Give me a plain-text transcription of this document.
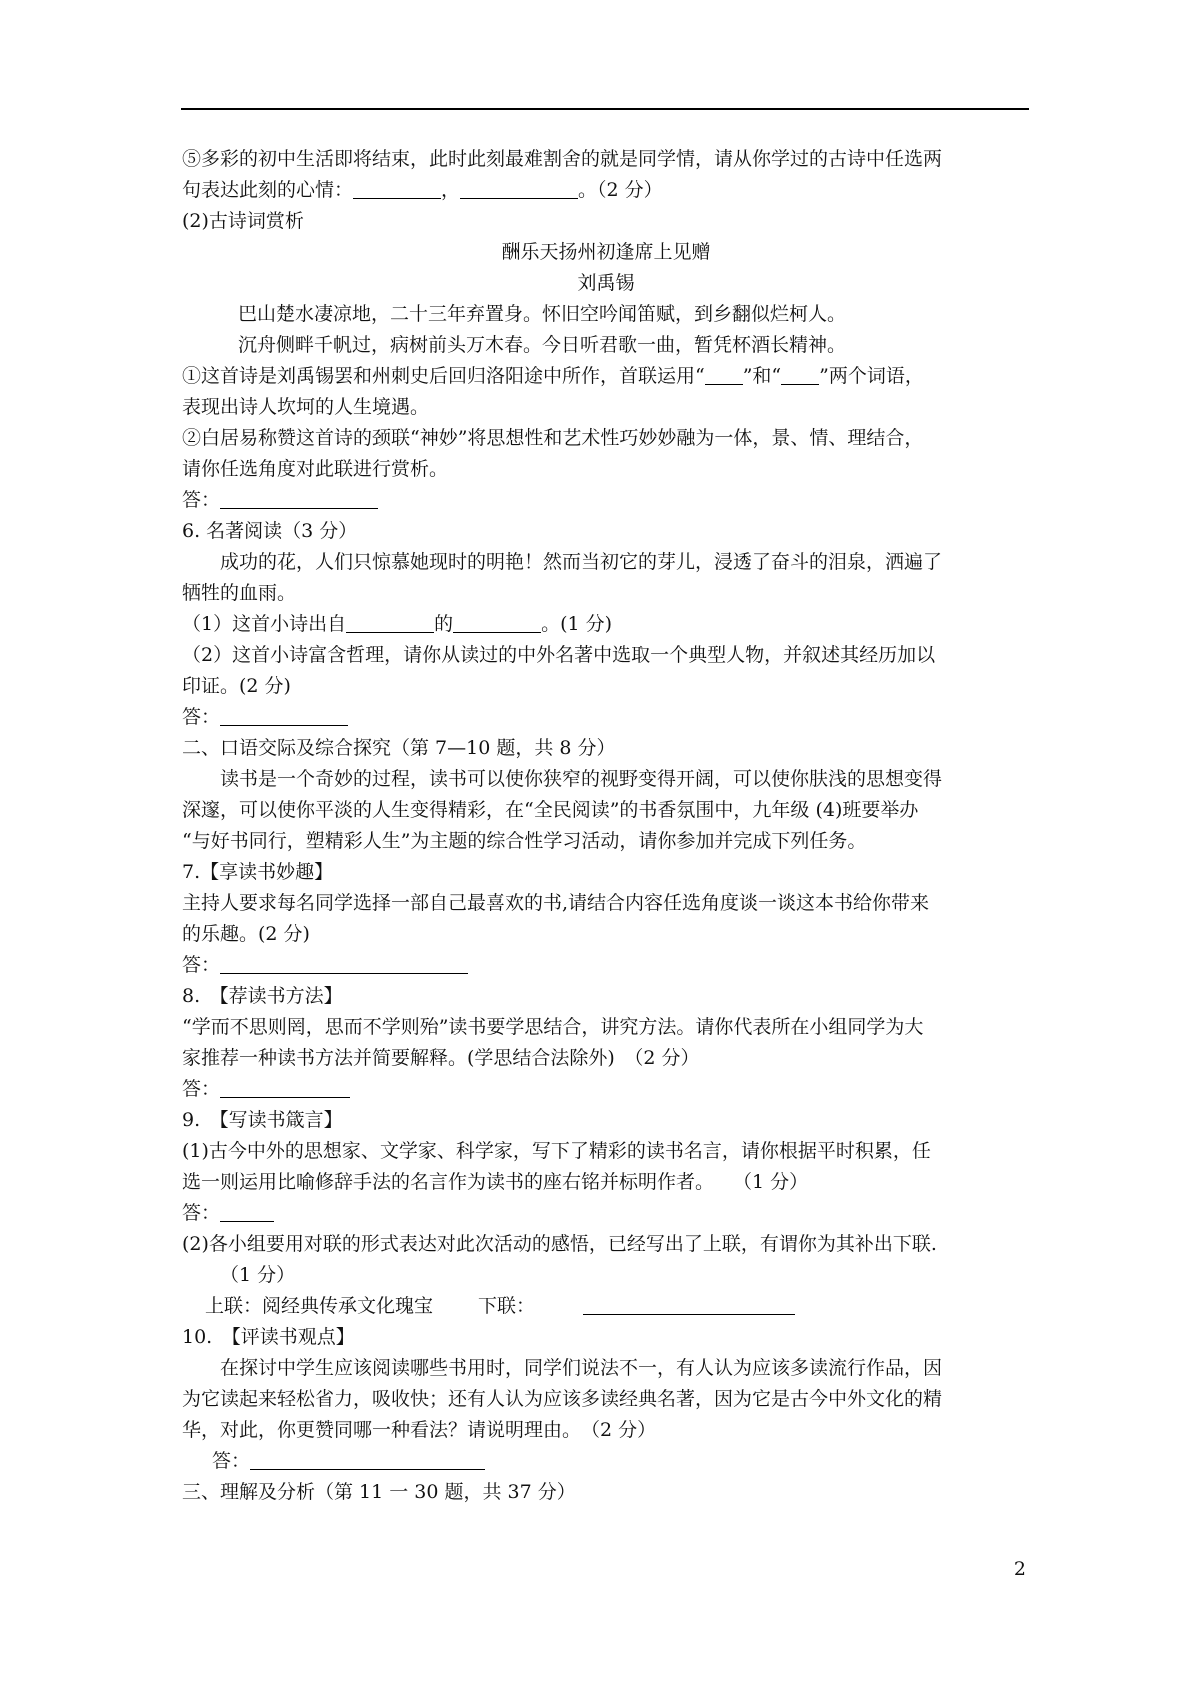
⑤多彩的初中生活即将结束，此时此刻最难割舍的就是同学情，请从你学过的古诗中任选两

句表达此刻的心情：	，	。（2 分）

(2)古诗词赏析

酬乐天扬州初逢席上见赠

刘禹锡

巴山楚水凄凉地，二十三年弃置身。怀旧空吟闻笛赋，到乡翻似烂柯人。

沉舟侧畔千帆过，病树前头万木春。今日听君歌一曲，暂凭杯酒长精神。

①这首诗是刘禹锡罢和州刺史后回归洛阳途中所作，首联运用“ ”和“ ”两个词语，

表现出诗人坎坷的人生境遇。

②白居易称赞这首诗的颈联“神妙”将思想性和艺术性巧妙妙融为一体，景、情、理结合，

请你任选角度对此联进行赏析。

答：

6. 名著阅读（3 分）

成功的花，人们只惊慕她现时的明艳！然而当初它的芽儿，浸透了奋斗的泪泉，洒遍了

牺牲的血雨。

（1）这首小诗出自	的	。(1 分)

（2）这首小诗富含哲理，请你从读过的中外名著中选取一个典型人物，并叙述其经历加以

印证。(2 分)

答：

二、口语交际及综合探究（第 7—10 题，共 8 分）

读书是一个奇妙的过程，读书可以使你狭窄的视野变得开阔，可以使你肤浅的思想变得

深邃，可以使你平淡的人生变得精彩，在“全民阅读”的书香氛围中，九年级 (4)班要举办

“与好书同行，塑精彩人生”为主题的综合性学习活动，请你参加并完成下列任务。

7.【享读书妙趣】

主持人要求每名同学选择一部自己最喜欢的书,请结合内容任选角度谈一谈这本书给你带来

的乐趣。(2 分)

答：

8.　【荐读书方法】

“学而不思则罔，思而不学则殆”读书要学思结合，讲究方法。请你代表所在小组同学为大

家推荐一种读书方法并简要解释。(学思结合法除外)　（2 分）

答：

9.　【写读书箴言】

(1)古今中外的思想家、文学家、科学家，写下了精彩的读书名言，请你根据平时积累，任

选一则运用比喻修辞手法的名言作为读书的座右铭并标明作者。　　（1 分）

答：

(2)各小组要用对联的形式表达对此次活动的感悟，已经写出了上联，有谓你为其补出下联.

（1 分）

上联：阅经典传承文化瑰宝 下联：

10.　【评读书观点】

在探讨中学生应该阅读哪些书用时，同学们说法不一，有人认为应该多读流行作品，因

为它读起来轻松省力，吸收快；还有人认为应该多读经典名著，因为它是古今中外文化的精

华，对此，你更赞同哪一种看法？请说明理由。　（2 分）

答：

三、理解及分析（第 11 一 30 题，共 37 分）

2
